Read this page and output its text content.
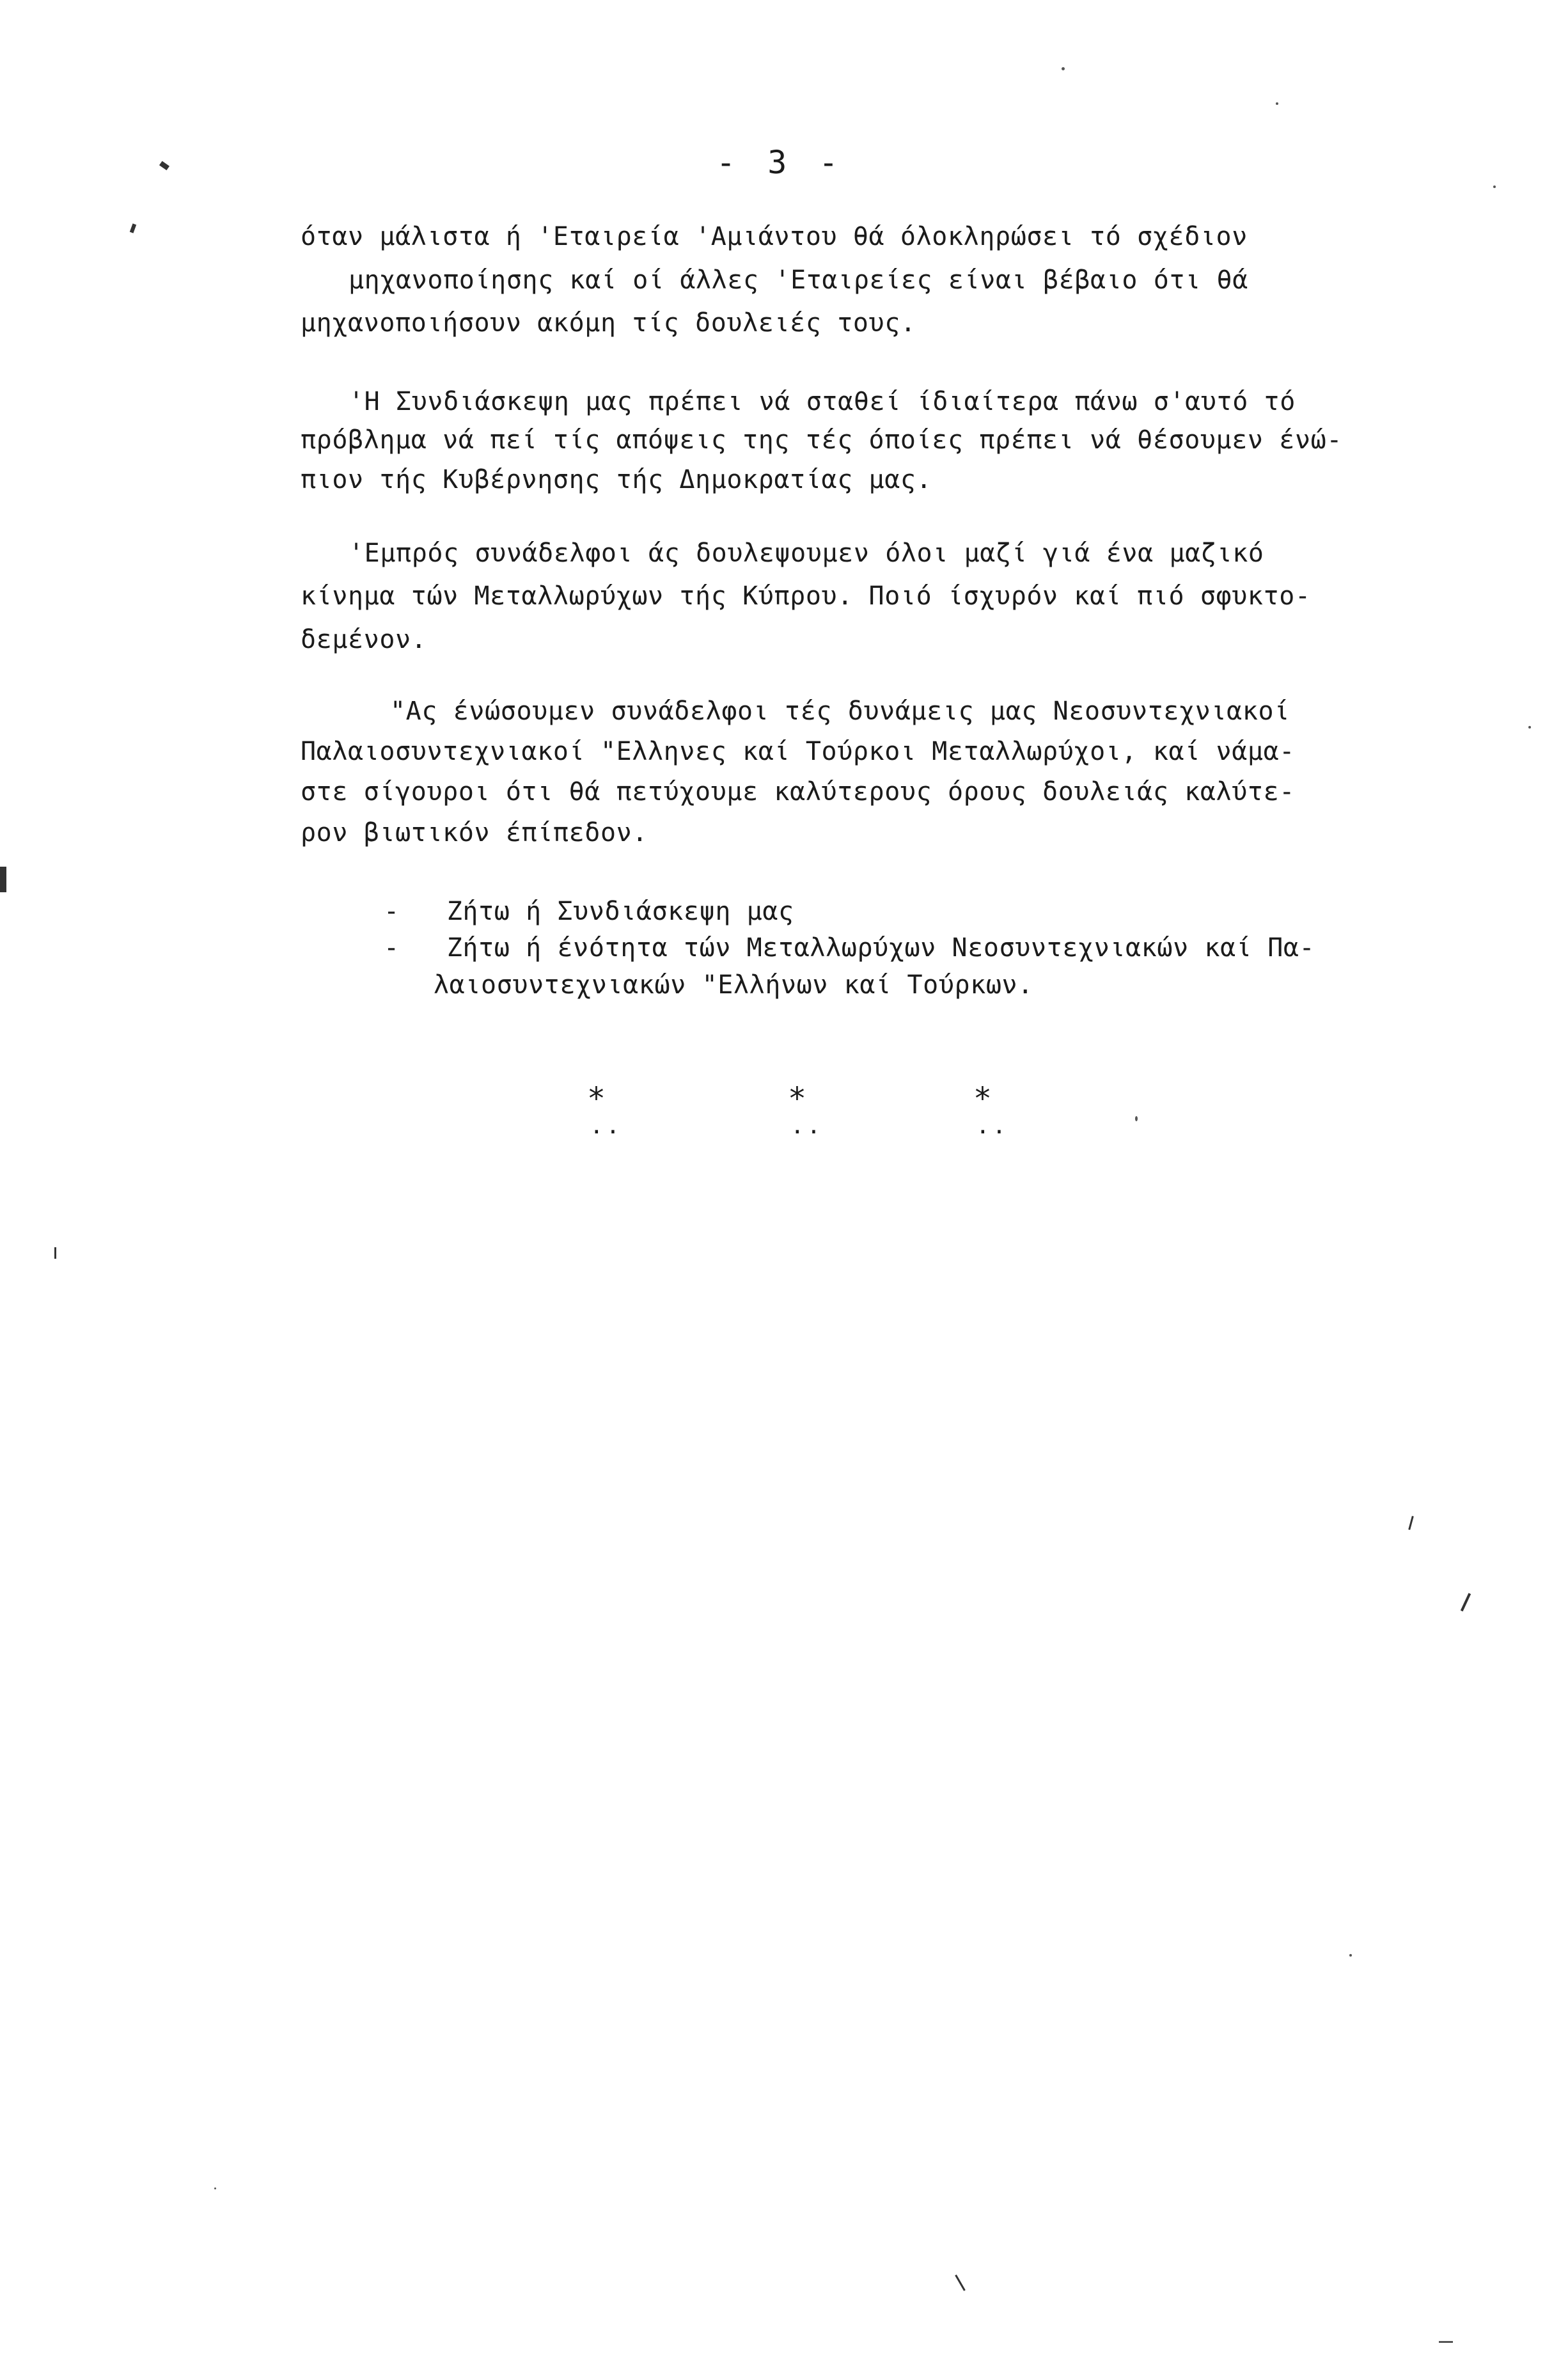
- 3 -
όταν μάλιστα ή 'Εταιρεία 'Αμιάντου θά όλοκληρώσει τό σχέδιον
μηχανοποίησης καί οί άλλες 'Εταιρείες είναι βέβαιο ότι θά
μηχανοποιήσουν ακόμη τίς δουλειές τους.
'Η Συνδιάσκεψη μας πρέπει νά σταθεί ίδιαίτερα πάνω σ'αυτό τό
πρόβλημα νά πεί τίς απόψεις της τές όποίες πρέπει νά θέσουμεν ένώ-
πιον τής Κυβέρνησης τής Δημοκρατίας μας.
'Εμπρός συνάδελφοι άς δουλεψουμεν όλοι μαζί γιά ένα μαζικό
κίνημα τών Μεταλλωρύχων τής Κύπρου. Ποιό ίσχυρόν καί πιό σφυκτο-
δεμένον.
"Ας ένώσουμεν συνάδελφοι τές δυνάμεις μας Νεοσυντεχνιακοί
Παλαιοσυντεχνιακοί "Ελληνες καί Τούρκοι Μεταλλωρύχοι, καί νάμα-
στε σίγουροι ότι θά πετύχουμε καλύτερους όρους δουλειάς καλύτε-
ρον βιωτικόν έπίπεδον.
-   Ζήτω ή Συνδιάσκεψη μας
-   Ζήτω ή ένότητα τών Μεταλλωρύχων Νεοσυντεχνιακών καί Πα-
λαιοσυντεχνιακών "Ελλήνων καί Τούρκων.
*	*	*
..	..	..
